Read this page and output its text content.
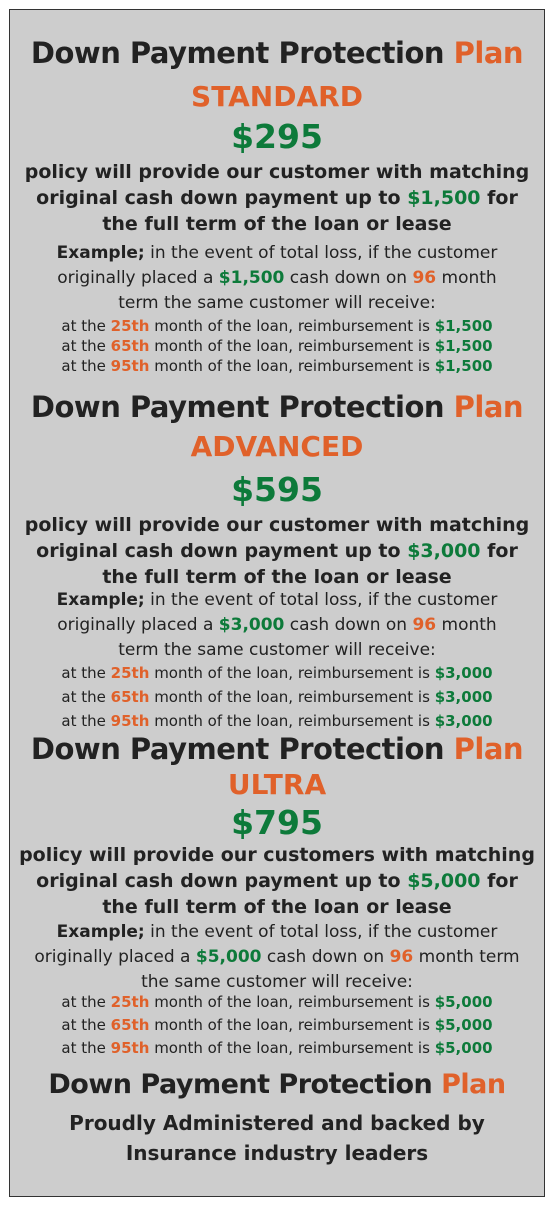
Down Payment Protection Plan
STANDARD
$295
policy will provide our customer with matching
original cash down payment up to $1,500 for
the full term of the loan or lease
Example; in the event of total loss, if the customer
originally placed a $1,500 cash down on 96 month
term the same customer will receive:
at the 25th month of the loan, reimbursement is $1,500
at the 65th month of the loan, reimbursement is $1,500
at the 95th month of the loan, reimbursement is $1,500
Down Payment Protection Plan
ADVANCED
$595
policy will provide our customer with matching
original cash down payment up to $3,000 for
the full term of the loan or lease
Example; in the event of total loss, if the customer
originally placed a $3,000 cash down on 96 month
term the same customer will receive:
at the 25th month of the loan, reimbursement is $3,000
at the 65th month of the loan, reimbursement is $3,000
at the 95th month of the loan, reimbursement is $3,000
Down Payment Protection Plan
ULTRA
$795
policy will provide our customers with matching
original cash down payment up to $5,000 for
the full term of the loan or lease
Example; in the event of total loss, if the customer
originally placed a $5,000 cash down on 96 month term
the same customer will receive:
at the 25th month of the loan, reimbursement is $5,000
at the 65th month of the loan, reimbursement is $5,000
at the 95th month of the loan, reimbursement is $5,000
Down Payment Protection Plan
Proudly Administered and backed by
Insurance industry leaders
